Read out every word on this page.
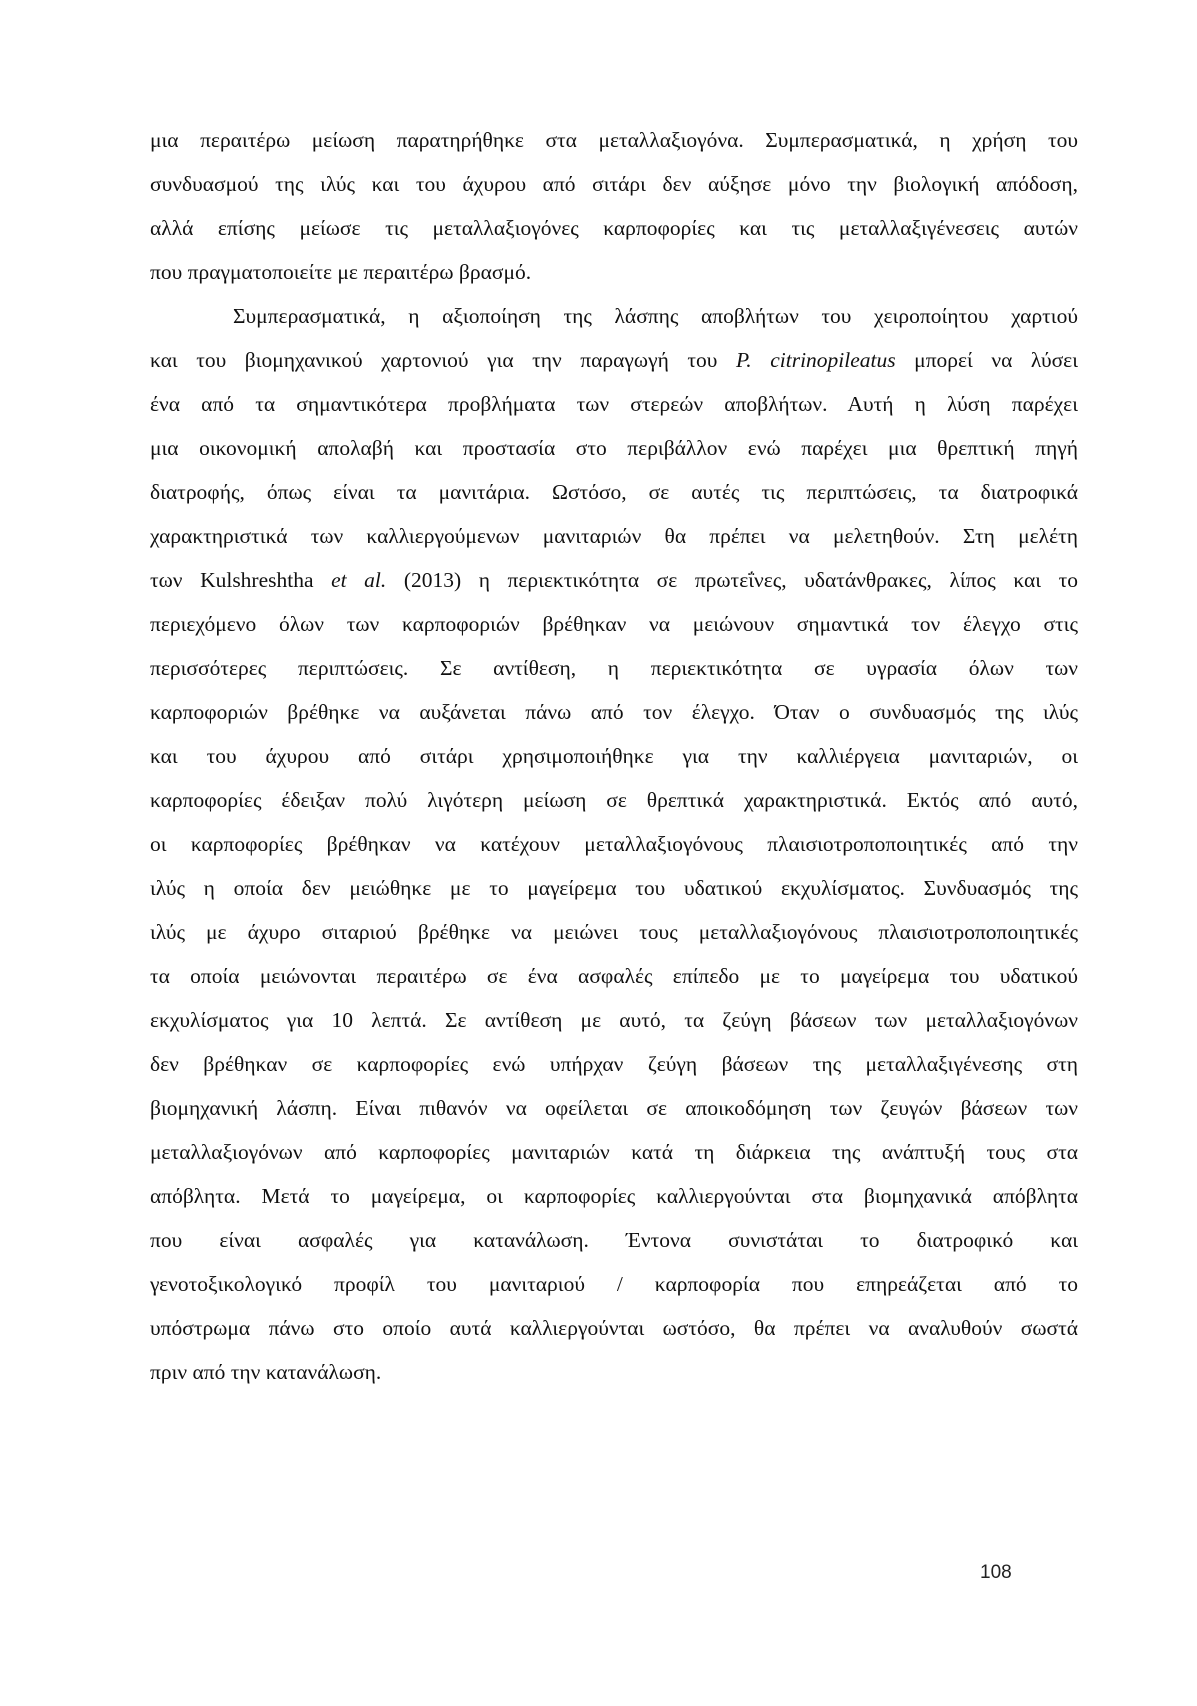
μια περαιτέρω μείωση παρατηρήθηκε στα μεταλλαξιογόνα. Συμπερασματικά, η χρήση του
συνδυασμού της ιλύς και του άχυρου από σιτάρι δεν αύξησε μόνο την βιολογική απόδοση,
αλλά επίσης μείωσε τις μεταλλαξιογόνες καρποφορίες και τις μεταλλαξιγένεσεις αυτών
που πραγματοποιείτε με περαιτέρω βρασμό.
Συμπερασματικά, η αξιοποίηση της λάσπης αποβλήτων του χειροποίητου χαρτιού
και του βιομηχανικού χαρτονιού για την παραγωγή του P. citrinopileatus μπορεί να λύσει
ένα από τα σημαντικότερα προβλήματα των στερεών αποβλήτων. Αυτή η λύση παρέχει
μια οικονομική απολαβή και προστασία στο περιβάλλον ενώ παρέχει μια θρεπτική πηγή
διατροφής, όπως είναι τα μανιτάρια. Ωστόσο, σε αυτές τις περιπτώσεις, τα διατροφικά
χαρακτηριστικά των καλλιεργούμενων μανιταριών θα πρέπει να μελετηθούν. Στη μελέτη
των Kulshreshtha et al. (2013) η περιεκτικότητα σε πρωτεΐνες, υδατάνθρακες, λίπος και το
περιεχόμενο όλων των καρποφοριών βρέθηκαν να μειώνουν σημαντικά τον έλεγχο στις
περισσότερες περιπτώσεις. Σε αντίθεση, η περιεκτικότητα σε υγρασία όλων των
καρποφοριών βρέθηκε να αυξάνεται πάνω από τον έλεγχο. Όταν ο συνδυασμός της ιλύς
και του άχυρου από σιτάρι χρησιμοποιήθηκε για την καλλιέργεια μανιταριών, οι
καρποφορίες έδειξαν πολύ λιγότερη μείωση σε θρεπτικά χαρακτηριστικά. Εκτός από αυτό,
οι καρποφορίες βρέθηκαν να κατέχουν μεταλλαξιογόνους πλαισιοτροποποιητικές από την
ιλύς η οποία δεν μειώθηκε με το μαγείρεμα του υδατικού εκχυλίσματος. Συνδυασμός της
ιλύς με άχυρο σιταριού βρέθηκε να μειώνει τους μεταλλαξιογόνους πλαισιοτροποποιητικές
τα οποία μειώνονται περαιτέρω σε ένα ασφαλές επίπεδο με το μαγείρεμα του υδατικού
εκχυλίσματος για 10 λεπτά. Σε αντίθεση με αυτό, τα ζεύγη βάσεων των μεταλλαξιογόνων
δεν βρέθηκαν σε καρποφορίες ενώ υπήρχαν ζεύγη βάσεων της μεταλλαξιγένεσης στη
βιομηχανική λάσπη. Είναι πιθανόν να οφείλεται σε αποικοδόμηση των ζευγών βάσεων των
μεταλλαξιογόνων από καρποφορίες μανιταριών κατά τη διάρκεια της ανάπτυξή τους στα
απόβλητα. Μετά το μαγείρεμα, οι καρποφορίες καλλιεργούνται στα βιομηχανικά απόβλητα
που είναι ασφαλές για κατανάλωση. Έντονα συνιστάται το διατροφικό και
γενοτοξικολογικό προφίλ του μανιταριού / καρποφορία που επηρεάζεται από το
υπόστρωμα πάνω στο οποίο αυτά καλλιεργούνται ωστόσο, θα πρέπει να αναλυθούν σωστά
πριν από την κατανάλωση.
108
